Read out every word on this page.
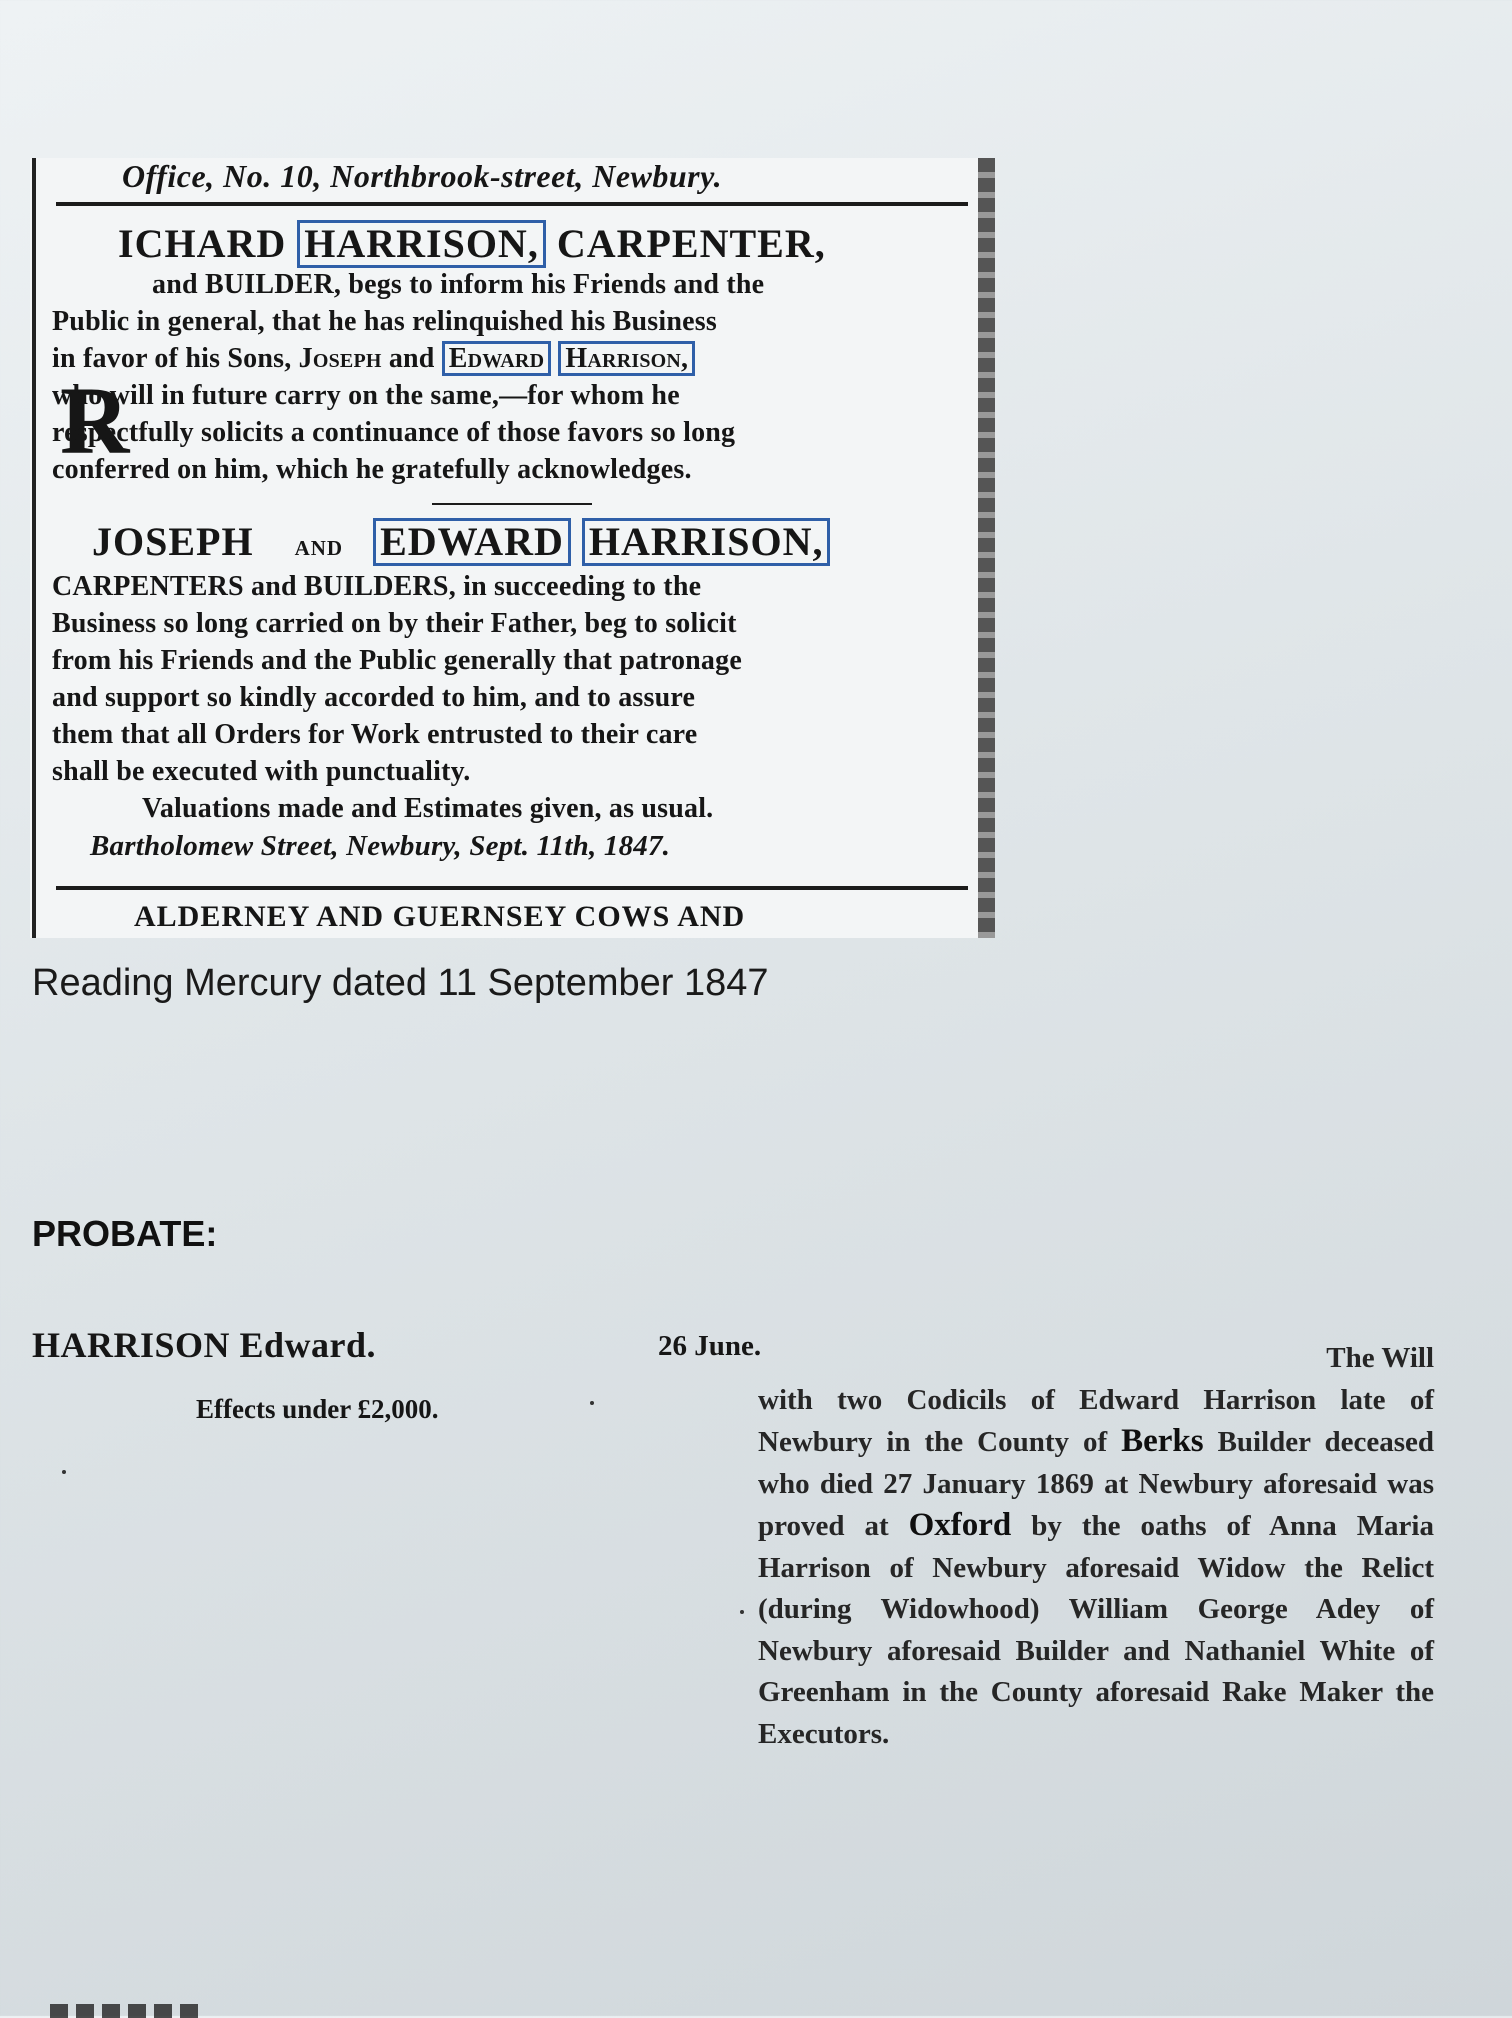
Office, No. 10, Northbrook-street, Newbury.
R
ICHARD HARRISON, CARPENTER,
and BUILDER, begs to inform his Friends and the
Public in general, that he has relinquished his Business
in favor of his Sons, Joseph and Edward Harrison,
who will in future carry on the same,—for whom he
respectfully solicits a continuance of those favors so long
conferred on him, which he gratefully acknowledges.
JOSEPH and EDWARD HARRISON,
CARPENTERS and BUILDERS, in succeeding to the
Business so long carried on by their Father, beg to solicit
from his Friends and the Public generally that patronage
and support so kindly accorded to him, and to assure
them that all Orders for Work entrusted to their care
shall be executed with punctuality.
Valuations made and Estimates given, as usual.
Bartholomew Street, Newbury, Sept. 11th, 1847.
ALDERNEY AND GUERNSEY COWS AND
Reading Mercury dated 11 September 1847
PROBATE:
HARRISON Edward.
Effects under £2,000.
26 June.	The Will
with two Codicils of Edward Harrison late of Newbury in the County of Berks Builder deceased who died 27 January 1869 at Newbury aforesaid was proved at Oxford by the oaths of Anna Maria Harrison of Newbury aforesaid Widow the Relict (during Widowhood) William George Adey of Newbury aforesaid Builder and Nathaniel White of Greenham in the County aforesaid Rake Maker the Executors.
